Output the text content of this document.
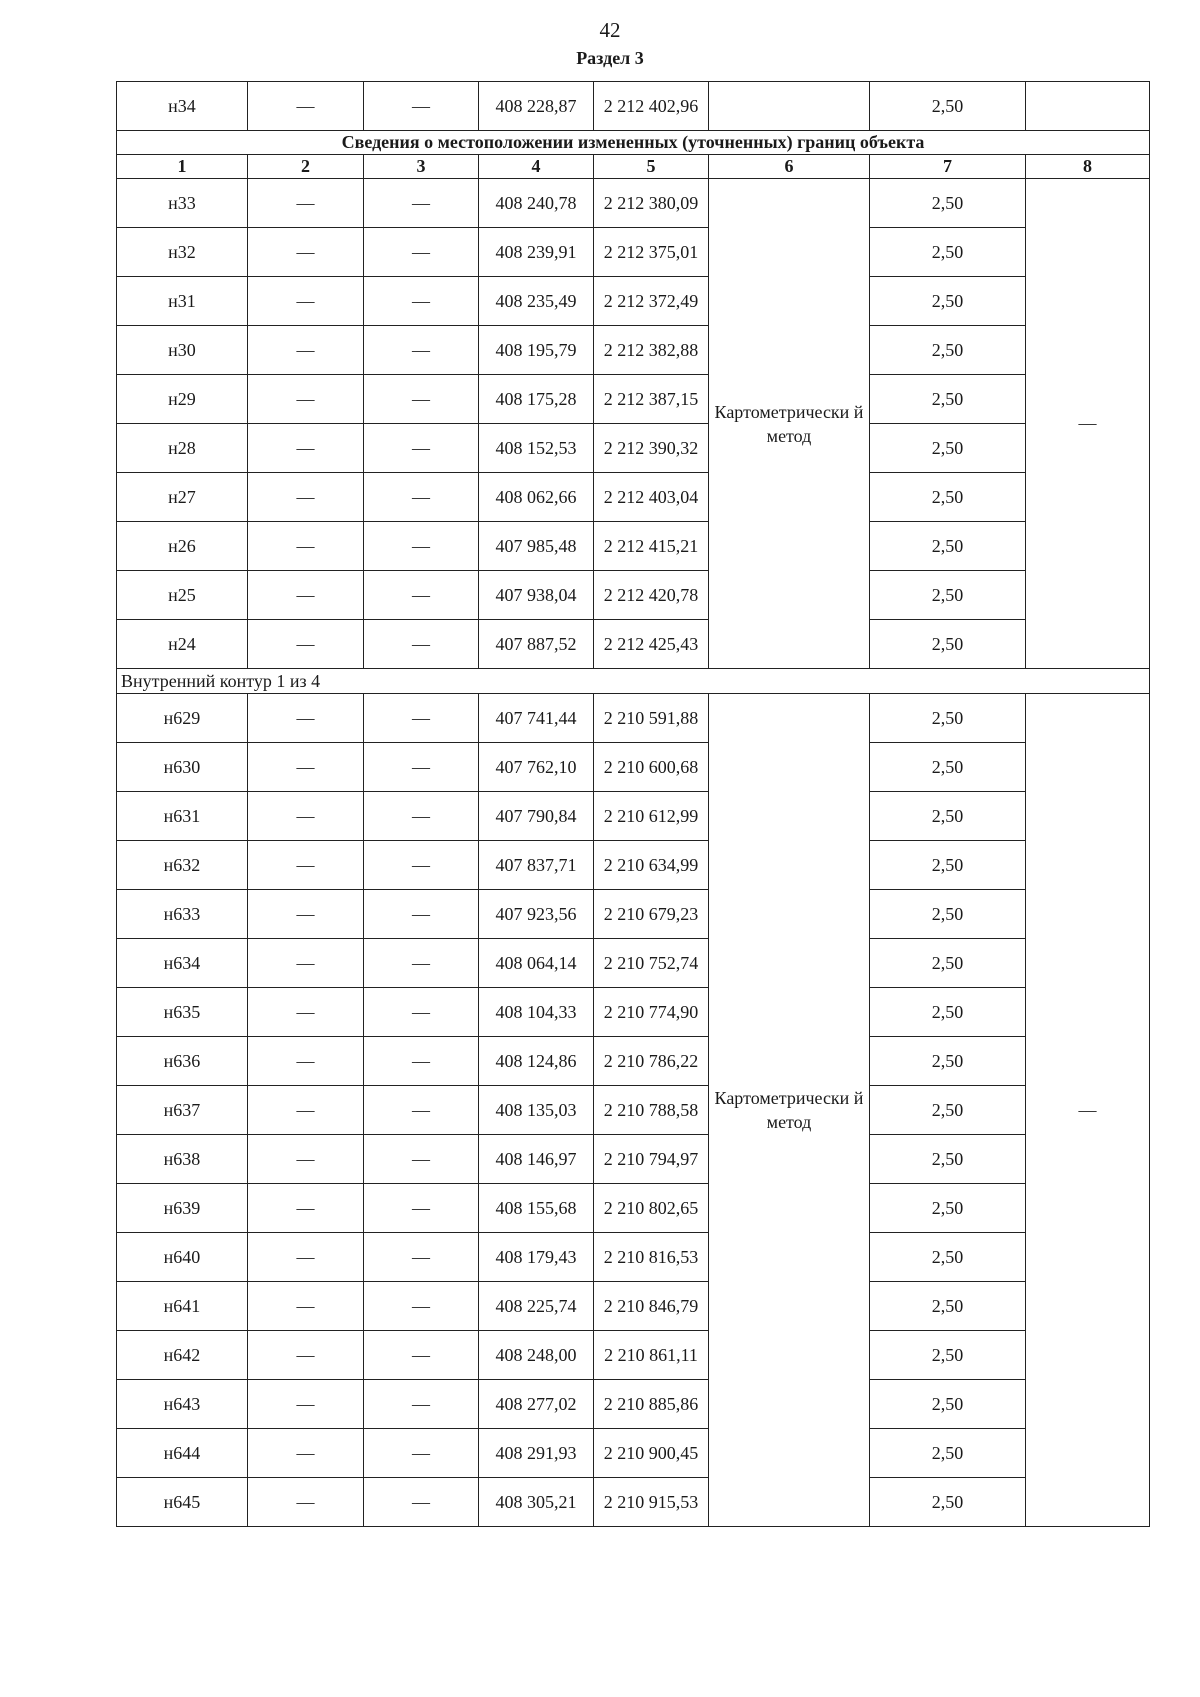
42
Раздел 3
н34	—	—	408 228,87	2 212 402,96		2,50	
Сведения о местоположении измененных (уточненных) границ объекта							
1	2	3	4	5	6	7	8
н33	—	—	408 240,78	2 212 380,09	Картометрически й метод	2,50	—
н32	—	—	408 239,91	2 212 375,01		2,50	
н31	—	—	408 235,49	2 212 372,49		2,50	
н30	—	—	408 195,79	2 212 382,88		2,50	
н29	—	—	408 175,28	2 212 387,15		2,50	
н28	—	—	408 152,53	2 212 390,32		2,50	
н27	—	—	408 062,66	2 212 403,04		2,50	
н26	—	—	407 985,48	2 212 415,21		2,50	
н25	—	—	407 938,04	2 212 420,78		2,50	
н24	—	—	407 887,52	2 212 425,43		2,50	
Внутренний контур 1 из 4							
н629	—	—	407 741,44	2 210 591,88	Картометрически й метод	2,50	—
н630	—	—	407 762,10	2 210 600,68		2,50	
н631	—	—	407 790,84	2 210 612,99		2,50	
н632	—	—	407 837,71	2 210 634,99		2,50	
н633	—	—	407 923,56	2 210 679,23		2,50	
н634	—	—	408 064,14	2 210 752,74		2,50	
н635	—	—	408 104,33	2 210 774,90		2,50	
н636	—	—	408 124,86	2 210 786,22		2,50	
н637	—	—	408 135,03	2 210 788,58		2,50	
н638	—	—	408 146,97	2 210 794,97		2,50	
н639	—	—	408 155,68	2 210 802,65		2,50	
н640	—	—	408 179,43	2 210 816,53		2,50	
н641	—	—	408 225,74	2 210 846,79		2,50	
н642	—	—	408 248,00	2 210 861,11		2,50	
н643	—	—	408 277,02	2 210 885,86		2,50	
н644	—	—	408 291,93	2 210 900,45		2,50	
н645	—	—	408 305,21	2 210 915,53		2,50	
